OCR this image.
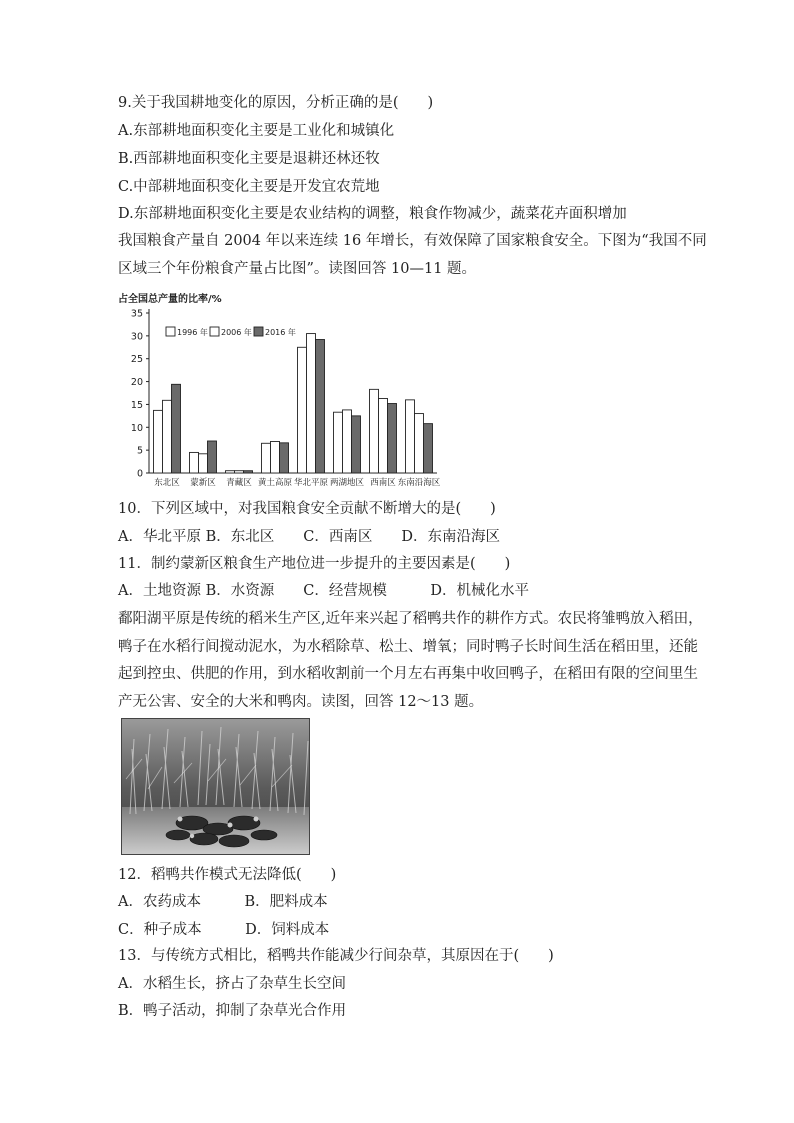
9.关于我国耕地变化的原因，分析正确的是(　　)
A.东部耕地面积变化主要是工业化和城镇化
B.西部耕地面积变化主要是退耕还林还牧
C.中部耕地面积变化主要是开发宜农荒地
D.东部耕地面积变化主要是农业结构的调整，粮食作物减少，蔬菜花卉面积增加
我国粮食产量自 2004 年以来连续 16 年增长，有效保障了国家粮食安全。下图为“我国不同
区域三个年份粮食产量占比图”。读图回答 10—11 题。
占全国总产量的比率/%
0
5
10
15
20
25
30
35
东北区 蒙新区 青藏区 黄土高原 华北平原 两湖地区 西南区 东南沿海区
1996 年 2006 年 2016 年
10．下列区域中，对我国粮食安全贡献不断增大的是(　　)
A．华北平原 B．东北区　　C．西南区　　D．东南沿海区
11．制约蒙新区粮食生产地位进一步提升的主要因素是(　　)
A．土地资源 B．水资源　　C．经营规模　　　D．机械化水平
鄱阳湖平原是传统的稻米生产区,近年来兴起了稻鸭共作的耕作方式。农民将雏鸭放入稻田，
鸭子在水稻行间搅动泥水，为水稻除草、松土、增氧；同时鸭子长时间生活在稻田里，还能
起到控虫、供肥的作用，到水稻收割前一个月左右再集中收回鸭子，在稻田有限的空间里生
产无公害、安全的大米和鸭肉。读图，回答 12～13 题。
12．稻鸭共作模式无法降低(　　)
A．农药成本　　　B．肥料成本
C．种子成本　　　D．饲料成本
13．与传统方式相比，稻鸭共作能减少行间杂草，其原因在于(　　)
A．水稻生长，挤占了杂草生长空间
B．鸭子活动，抑制了杂草光合作用
